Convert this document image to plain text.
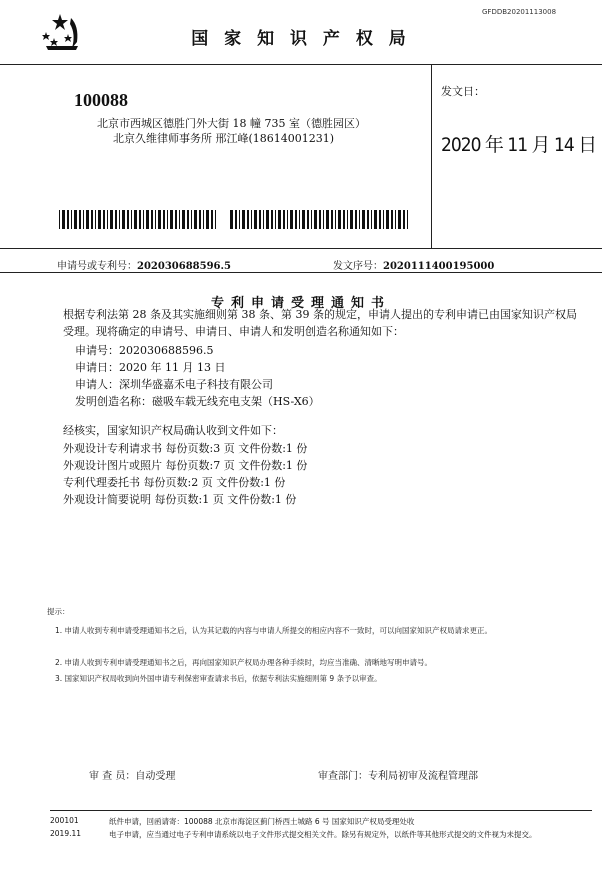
GFDDB20201113008
国 家 知 识 产 权 局
100088
北京市西城区德胜门外大街 18 幢 735 室（德胜园区）
北京久维律师事务所 邢江峰(18614001231)
发文日：
2020 年 11 月 14 日
申请号或专利号：202030688596.5	发文序号：2020111400195000
专利申请受理通知书
根据专利法第 28 条及其实施细则第 38 条、第 39 条的规定，申请人提出的专利申请已由国家知识产权局受理。现将确定的申请号、申请日、申请人和发明创造名称通知如下：
申请号：202030688596.5
申请日：2020 年 11 月 13 日
申请人：深圳华盛嘉禾电子科技有限公司
发明创造名称：磁吸车载无线充电支架（HS-X6）
经核实，国家知识产权局确认收到文件如下：
外观设计专利请求书 每份页数:3 页 文件份数:1 份
外观设计图片或照片 每份页数:7 页 文件份数:1 份
专利代理委托书 每份页数:2 页 文件份数:1 份
外观设计简要说明 每份页数:1 页 文件份数:1 份
提示：
1. 申请人收到专利申请受理通知书之后，认为其记载的内容与申请人所提交的相应内容不一致时，可以向国家知识产权局请求更正。
2. 申请人收到专利申请受理通知书之后，再向国家知识产权局办理各种手续时，均应当准确、清晰地写明申请号。
3. 国家知识产权局收到向外国申请专利保密审查请求书后，依据专利法实施细则第 9 条予以审查。
审 查 员：自动受理	审查部门：专利局初审及流程管理部
200101
2019.11
纸件申请，回函请寄：100088 北京市海淀区蓟门桥西土城路 6 号 国家知识产权局受理处收
电子申请，应当通过电子专利申请系统以电子文件形式提交相关文件。除另有规定外，以纸件等其他形式提交的文件视为未提交。
